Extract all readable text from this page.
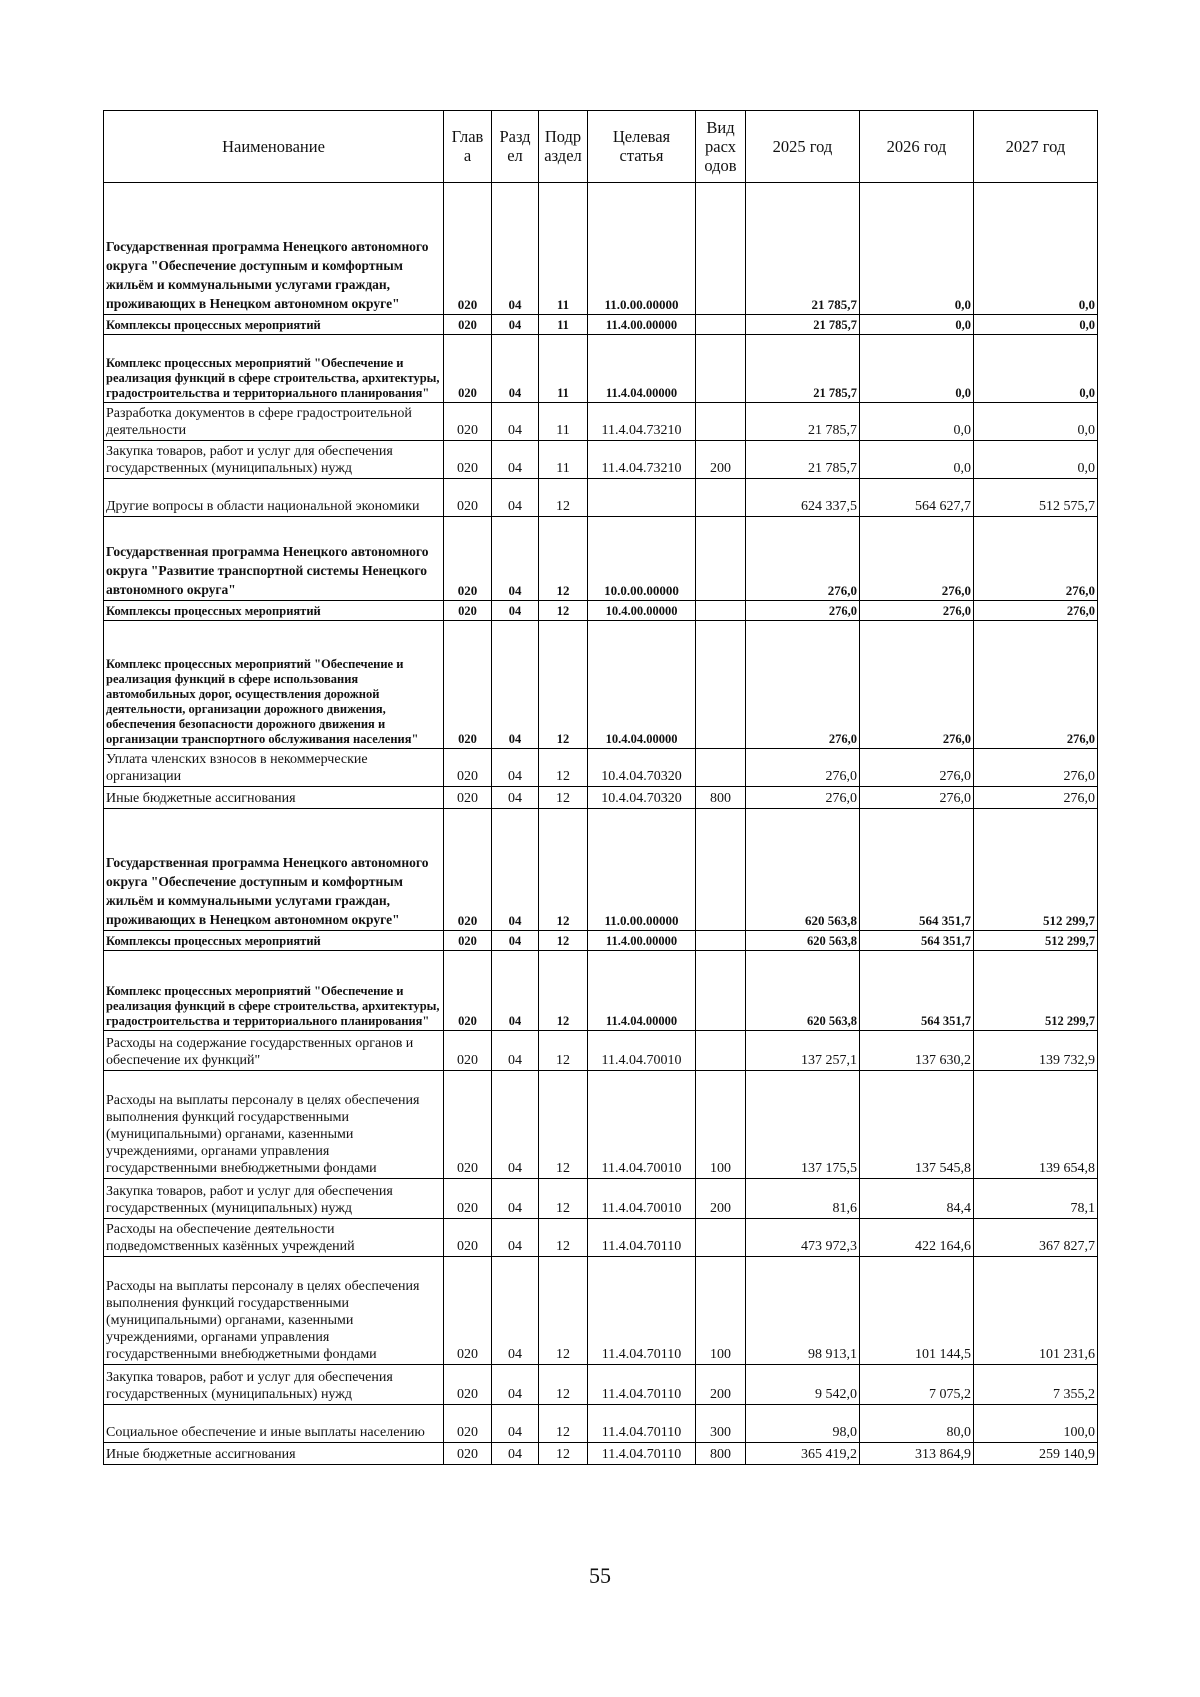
Наименование	Глав а	Разд ел	Подр аздел	Целевая статья	Вид расх одов	2025 год	2026 год	2027 год
Государственная программа Ненецкого автономного округа "Обеспечение доступным и комфортным жильём и коммунальными услугами граждан, проживающих в Ненецком автономном округе"	020	04	11	11.0.00.00000		21 785,7	0,0	0,0
Комплексы процессных мероприятий	020	04	11	11.4.00.00000		21 785,7	0,0	0,0
Комплекс процессных мероприятий "Обеспечение и реализация функций в сфере строительства, архитектуры, градостроительства и территориального планирования"	020	04	11	11.4.04.00000		21 785,7	0,0	0,0
Разработка документов в сфере градостроительной деятельности	020	04	11	11.4.04.73210		21 785,7	0,0	0,0
Закупка товаров, работ и услуг для обеспечения государственных (муниципальных) нужд	020	04	11	11.4.04.73210	200	21 785,7	0,0	0,0
Другие вопросы в области национальной экономики	020	04	12			624 337,5	564 627,7	512 575,7
Государственная программа Ненецкого автономного округа "Развитие транспортной системы Ненецкого автономного округа"	020	04	12	10.0.00.00000		276,0	276,0	276,0
Комплексы процессных мероприятий	020	04	12	10.4.00.00000		276,0	276,0	276,0
Комплекс процессных мероприятий "Обеспечение и реализация функций в сфере использования автомобильных дорог, осуществления дорожной деятельности, организации дорожного движения, обеспечения безопасности дорожного движения и организации транспортного обслуживания населения"	020	04	12	10.4.04.00000		276,0	276,0	276,0
Уплата членских взносов в некоммерческие организации	020	04	12	10.4.04.70320		276,0	276,0	276,0
Иные бюджетные ассигнования	020	04	12	10.4.04.70320	800	276,0	276,0	276,0
Государственная программа Ненецкого автономного округа "Обеспечение доступным и комфортным жильём и коммунальными услугами граждан, проживающих в Ненецком автономном округе"	020	04	12	11.0.00.00000		620 563,8	564 351,7	512 299,7
Комплексы процессных мероприятий	020	04	12	11.4.00.00000		620 563,8	564 351,7	512 299,7
Комплекс процессных мероприятий "Обеспечение и реализация функций в сфере строительства, архитектуры, градостроительства и территориального планирования"	020	04	12	11.4.04.00000		620 563,8	564 351,7	512 299,7
Расходы на содержание государственных органов и обеспечение их функций"	020	04	12	11.4.04.70010		137 257,1	137 630,2	139 732,9
Расходы на выплаты персоналу в целях обеспечения выполнения функций государственными (муниципальными) органами, казенными учреждениями, органами управления государственными внебюджетными фондами	020	04	12	11.4.04.70010	100	137 175,5	137 545,8	139 654,8
Закупка товаров, работ и услуг для обеспечения государственных (муниципальных) нужд	020	04	12	11.4.04.70010	200	81,6	84,4	78,1
Расходы на обеспечение деятельности подведомственных казённых учреждений	020	04	12	11.4.04.70110		473 972,3	422 164,6	367 827,7
Расходы на выплаты персоналу в целях обеспечения выполнения функций государственными (муниципальными) органами, казенными учреждениями, органами управления государственными внебюджетными фондами	020	04	12	11.4.04.70110	100	98 913,1	101 144,5	101 231,6
Закупка товаров, работ и услуг для обеспечения государственных (муниципальных) нужд	020	04	12	11.4.04.70110	200	9 542,0	7 075,2	7 355,2
Социальное обеспечение и иные выплаты населению	020	04	12	11.4.04.70110	300	98,0	80,0	100,0
Иные бюджетные ассигнования	020	04	12	11.4.04.70110	800	365 419,2	313 864,9	259 140,9
55
